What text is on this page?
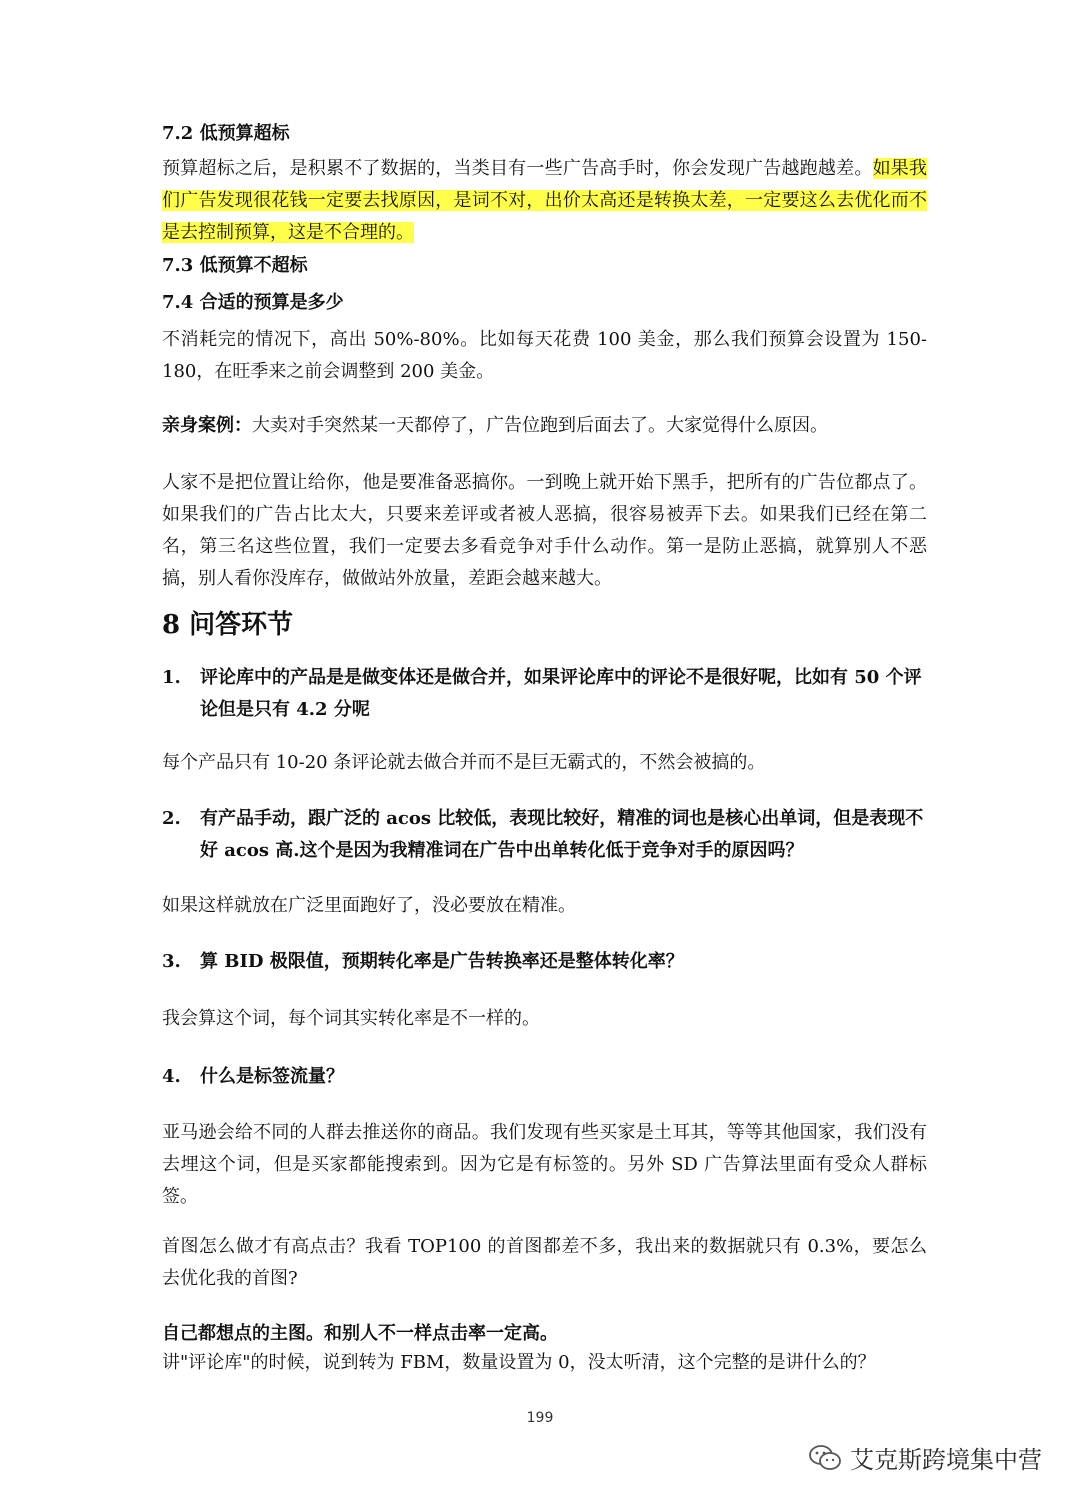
7.2 低预算超标

预算超标之后，是积累不了数据的，当类目有一些广告高手时，你会发现广告越跑越差。如果我们广告发现很花钱一定要去找原因，是词不对，出价太高还是转换太差，一定要这么去优化而不是去控制预算，这是不合理的。

7.3 低预算不超标
7.4 合适的预算是多少

不消耗完的情况下，高出 50%-80%。比如每天花费 100 美金，那么我们预算会设置为 150-180，在旺季来之前会调整到 200 美金。

亲身案例：大卖对手突然某一天都停了，广告位跑到后面去了。大家觉得什么原因。

人家不是把位置让给你，他是要准备恶搞你。一到晚上就开始下黑手，把所有的广告位都点了。如果我们的广告占比太大，只要来差评或者被人恶搞，很容易被弄下去。如果我们已经在第二名，第三名这些位置，我们一定要去多看竞争对手什么动作。第一是防止恶搞，就算别人不恶搞，别人看你没库存，做做站外放量，差距会越来越大。

8 问答环节
1.	评论库中的产品是是做变体还是做合并，如果评论库中的评论不是很好呢，比如有 50 个评论但是只有 4.2 分呢

每个产品只有 10-20 条评论就去做合并而不是巨无霸式的，不然会被搞的。

2.	有产品手动，跟广泛的 acos 比较低，表现比较好，精准的词也是核心出单词，但是表现不好 acos 高.这个是因为我精准词在广告中出单转化低于竞争对手的原因吗？

如果这样就放在广泛里面跑好了，没必要放在精准。

3.	算 BID 极限值，预期转化率是广告转换率还是整体转化率？

我会算这个词，每个词其实转化率是不一样的。

4.	什么是标签流量？

亚马逊会给不同的人群去推送你的商品。我们发现有些买家是土耳其，等等其他国家，我们没有去埋这个词，但是买家都能搜索到。因为它是有标签的。另外 SD 广告算法里面有受众人群标签。

首图怎么做才有高点击？我看 TOP100 的首图都差不多，我出来的数据就只有 0.3%，要怎么去优化我的首图?

自己都想点的主图。和别人不一样点击率一定高。

讲"评论库"的时候，说到转为 FBM，数量设置为 0，没太听清，这个完整的是讲什么的？

199
艾克斯跨境集中营
